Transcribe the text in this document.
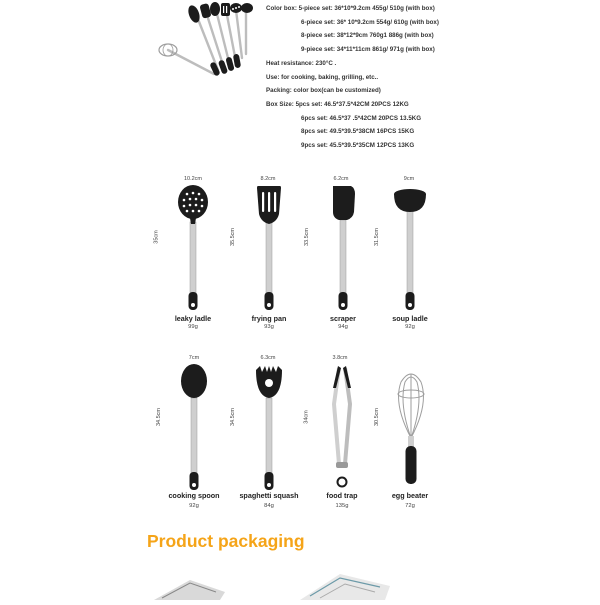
Color box: 5-piece set: 36*10*9.2cm 455g/ 510g (with box)
6-piece set: 36* 10*9.2cm 554g/ 610g (with box)
8-piece set: 38*12*9cm 760g1 886g (with box)
9-piece set: 34*11*11cm 861g/ 971g (with box)
Heat resistance: 230°C .
Use: for cooking, baking, grilling, etc..
Packing: color box(can be customized)
Box Size: 5pcs set: 46.5*37.5*42CM 20PCS 12KG
6pcs set: 46.5*37 .5*42CM 20PCS 13.5KG
8pcs set: 49.5*39.5*38CM 16PCS 15KG
9pcs set: 45.5*39.5*35CM 12PCS 13KG
10.2cm
35cm
leaky ladle
99g
8.2cm
35.5cm
frying pan
93g
6.2cm
33.5cm
scraper
94g
9cm
31.5cm
soup ladle
92g
7cm
34.5cm
cooking spoon
92g
6.3cm
34.5cm
spaghetti squash
84g
3.8cm
34cm
food trap
135g
30.5cm
egg beater
72g
Product packaging
